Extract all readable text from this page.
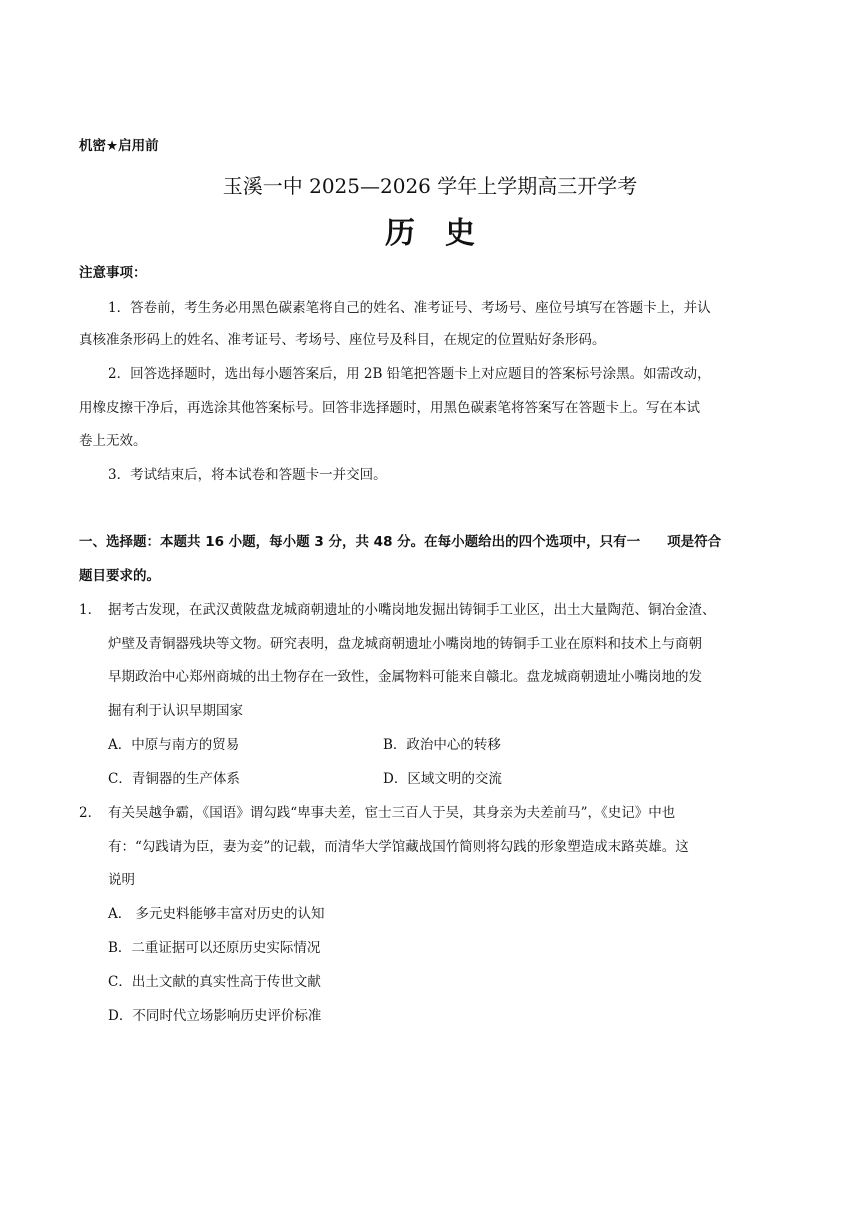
机密★启用前
玉溪一中 2025—2026 学年上学期高三开学考
历史
注意事项：
1．答卷前，考生务必用黑色碳素笔将自己的姓名、准考证号、考场号、座位号填写在答题卡上，并认
真核准条形码上的姓名、准考证号、考场号、座位号及科目，在规定的位置贴好条形码。
2．回答选择题时，选出每小题答案后，用 2B 铅笔把答题卡上对应题目的答案标号涂黑。如需改动，
用橡皮擦干净后，再选涂其他答案标号。回答非选择题时，用黑色碳素笔将答案写在答题卡上。写在本试
卷上无效。
3．考试结束后，将本试卷和答题卡一并交回。
一、选择题：本题共 16 小题，每小题 3 分，共 48 分。在每小题给出的四个选项中，只有一　　项是符合
题目要求的。
1． 据考古发现，在武汉黄陂盘龙城商朝遗址的小嘴岗地发掘出铸铜手工业区，出土大量陶范、铜冶金渣、
炉壁及青铜器残块等文物。研究表明，盘龙城商朝遗址小嘴岗地的铸铜手工业在原料和技术上与商朝
早期政治中心郑州商城的出土物存在一致性，金属物料可能来自赣北。盘龙城商朝遗址小嘴岗地的发
掘有利于认识早期国家
A．中原与南方的贸易	B．政治中心的转移
C．青铜器的生产体系	D．区域文明的交流
2． 有关吴越争霸，《国语》谓勾践“卑事夫差，宦士三百人于吴，其身亲为夫差前马”，《史记》中也
有：“勾践请为臣，妻为妾”的记载，而清华大学馆藏战国竹简则将勾践的形象塑造成末路英雄。这
说明
A． 多元史料能够丰富对历史的认知
B．二重证据可以还原历史实际情况
C．出土文献的真实性高于传世文献
D．不同时代立场影响历史评价标准
